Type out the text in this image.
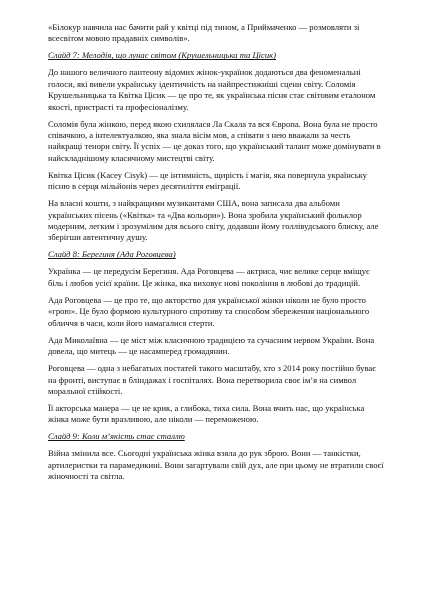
«Білокур навчила нас бачити рай у квітці під тином, а Приймаченко — розмовляти зі всесвітом мовою прадавніх символів».

Слайд 7: Мелодія, що лунає світом (Крушельницька та Цісик)

До нашого величного пантеону відомих жінок-українок додаються два феноменальні голоси, які вивели українську ідентичність на найпрестижніші сцени світу. Соломія Крушельницька та Квітка Цісик — це про те, як українська пісня стає світовим еталоном якості, пристрасті та професіоналізму.

Соломія була жінкою, перед якою схилялася Ла Скала та вся Європа. Вона була не просто співачкою, а інтелектуалкою, яка знала вісім мов, а співати з нею вважали за честь найкращі тенори світу. Її успіх — це доказ того, що український талант може домінувати в найскладнішому класичному мистецтві світу.

Квітка Цісик (Kacey Cisyk) — це інтимність, щирість і магія, яка повернула українську пісню в серця мільйонів через десятиліття еміграції.

На власні кошти, з найкращими музикантами США, вона записала два альбоми українських пісень («Квітка» та «Два кольори»). Вона зробила український фольклор модерним, легким і зрозумілим для всього світу, додавши йому голлівудського блиску, але зберігши автентичну душу.

Слайд 8: Берегиня (Ада Роговцева)

Українка — це передусім Берегиня. Ада Роговцева — актриса, чиє велике серце вміщує біль і любов усієї країни. Це жінка, яка виховує нові покоління в любові до традицій.

Ада Роговцева — це про те, що акторство для української жінки ніколи не було просто «грою». Це було формою культурного спротиву та способом збереження національного обличчя в часи, коли його намагалися стерти.

Ада Миколаївна — це міст між класичною традицією та сучасним нервом України. Вона довела, що митець — це насамперед громадянин.

Роговцева — одна з небагатьох постатей такого масштабу, хто з 2014 року постійно буває на фронті, виступає в бліндажах і госпіталях. Вона перетворила своє ім’я на символ моральної стійкості.

Її акторська манера — це не крик, а глибока, тиха сила. Вона вчить нас, що українська жінка може бути вразливою, але ніколи — переможеною.

Слайд 9: Коли м’якість стає сталлю

Війна змінила все. Сьогодні українська жінка взяла до рук зброю. Вони — танкістки, артилеристки та парамедикині. Вони загартували свій дух, але при цьому не втратили своєї жіночності та світла.
